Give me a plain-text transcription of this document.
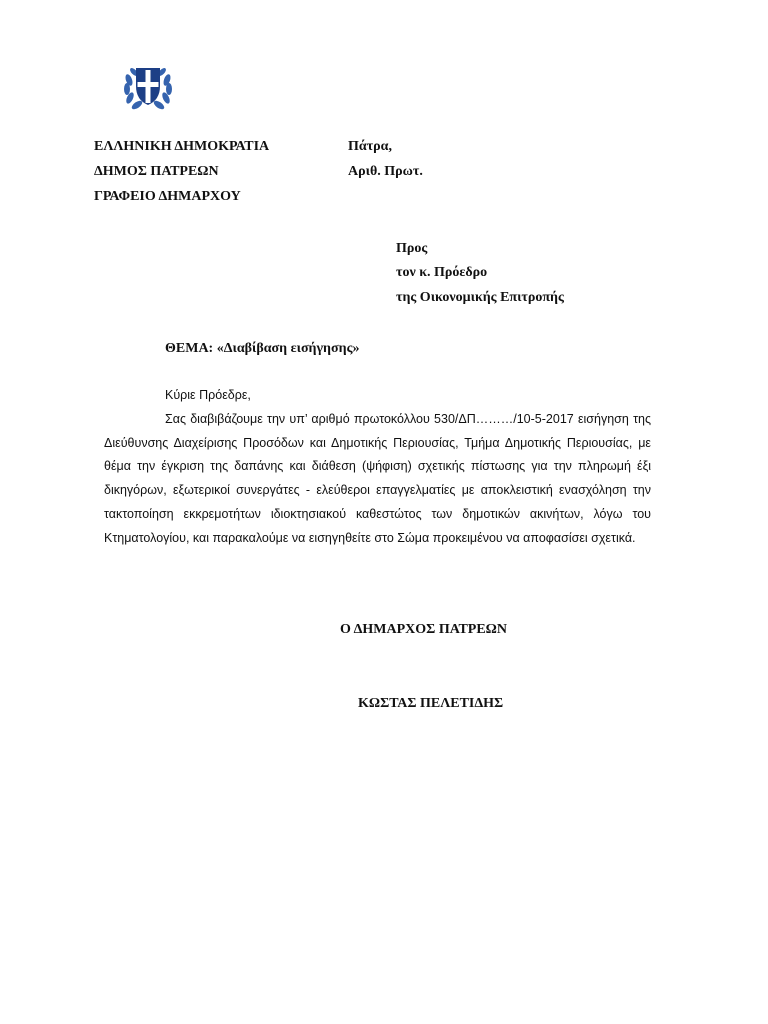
ΕΛΛΗΝΙΚΗ ΔΗΜΟΚΡΑΤΙΑ
ΔΗΜΟΣ ΠΑΤΡΕΩΝ
ΓΡΑΦΕΙΟ ΔΗΜΑΡΧΟΥ
Πάτρα,
Αριθ. Πρωτ.
Προς
τον κ. Πρόεδρο
της Οικονομικής Επιτροπής
ΘΕΜΑ: «Διαβίβαση εισήγησης»
Κύριε Πρόεδρε,

Σας διαβιβάζουμε την υπ’ αριθμό πρωτοκόλλου 530/ΔΠ………/10-5-2017 εισήγηση της Διεύθυνσης Διαχείρισης Προσόδων και Δημοτικής Περιουσίας, Τμήμα Δημοτικής Περιουσίας, με θέμα την έγκριση της δαπάνης και διάθεση (ψήφιση) σχετικής πίστωσης για την πληρωμή έξι δικηγόρων, εξωτερικοί συνεργάτες - ελεύθεροι επαγγελματίες με αποκλειστική ενασχόληση την τακτοποίηση εκκρεμοτήτων ιδιοκτησιακού καθεστώτος των δημοτικών ακινήτων, λόγω του Κτηματολογίου, και παρακαλούμε να εισηγηθείτε στο Σώμα προκειμένου να αποφασίσει σχετικά.

Ο ΔΗΜΑΡΧΟΣ ΠΑΤΡΕΩΝ
ΚΩΣΤΑΣ ΠΕΛΕΤΙΔΗΣ
